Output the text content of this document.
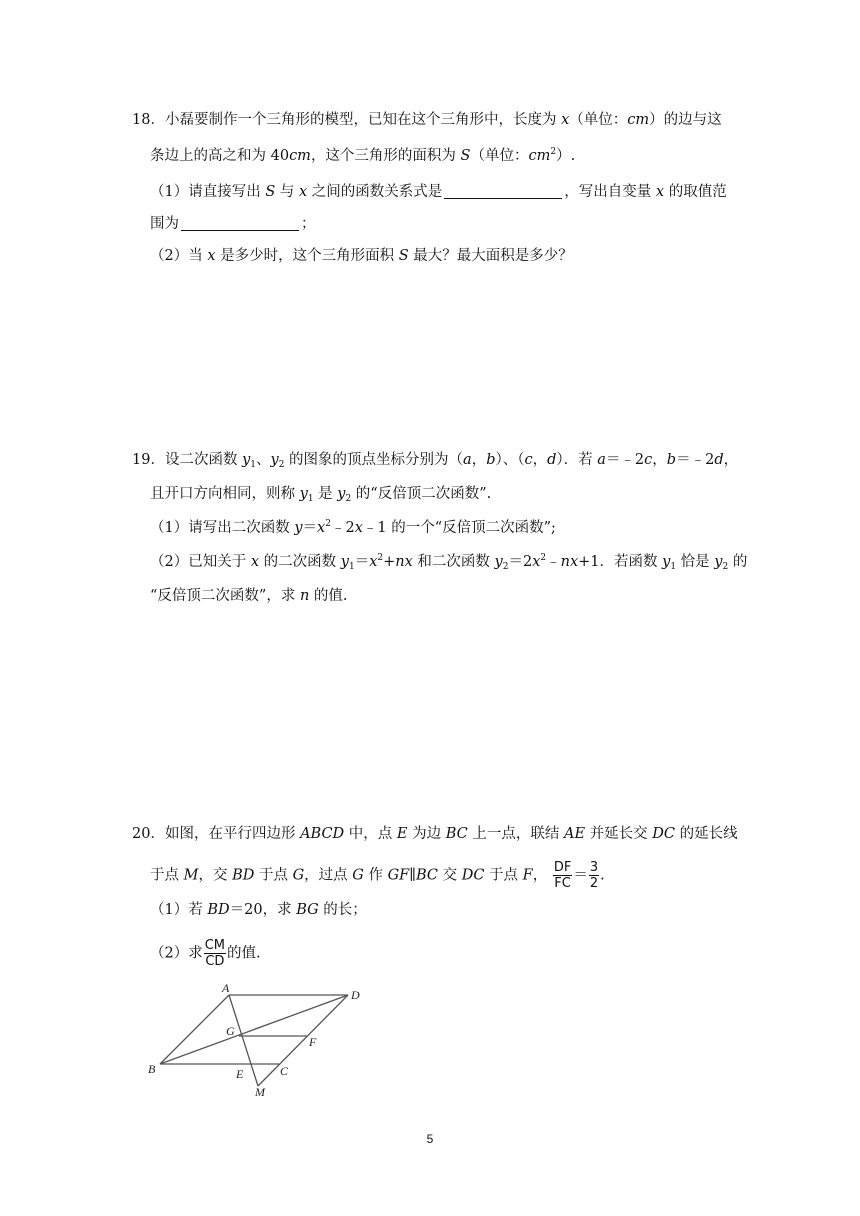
18．小磊要制作一个三角形的模型，已知在这个三角形中，长度为 x（单位：cm）的边与这
条边上的高之和为 40cm，这个三角形的面积为 S（单位：$cm^2$）.
（1）请直接写出 S 与 x 之间的函数关系式是	，写出自变量 x 的取值范
围为	；
（2）当 x 是多少时，这个三角形面积 S 最大？最大面积是多少？
19．设二次函数 $y_1$、$y_2$ 的图象的顶点坐标分别为（a，b）、（c，d）．若 a＝﹣2c，b＝﹣2d，
且开口方向相同，则称 $y_1$ 是 $y_2$ 的“反倍顶二次函数”.
（1）请写出二次函数 $y=x^2﹣2x﹣1$ 的一个“反倍顶二次函数”;
（2）已知关于 x 的二次函数 $y_1=x^2+nx$ 和二次函数 $y_2=2x^2﹣nx+1$．若函数 $y_1$ 恰是 $y_2$ 的
“反倍顶二次函数”，求 n 的值.
20．如图，在平行四边形 ABCD 中，点 E 为边 BC 上一点，联结 AE 并延长交 DC 的延长线
于点 M，交 BD 于点 G，过点 G 作 GF∥BC 交 DC 于点 F， $\frac{DF}{FC} = \frac{3}{2}$ .
（1）若 BD＝20，求 BG 的长；
（2）求 $\frac{CM}{CD}$ 的值.
A	D
G
F
B	E	C
M
5
